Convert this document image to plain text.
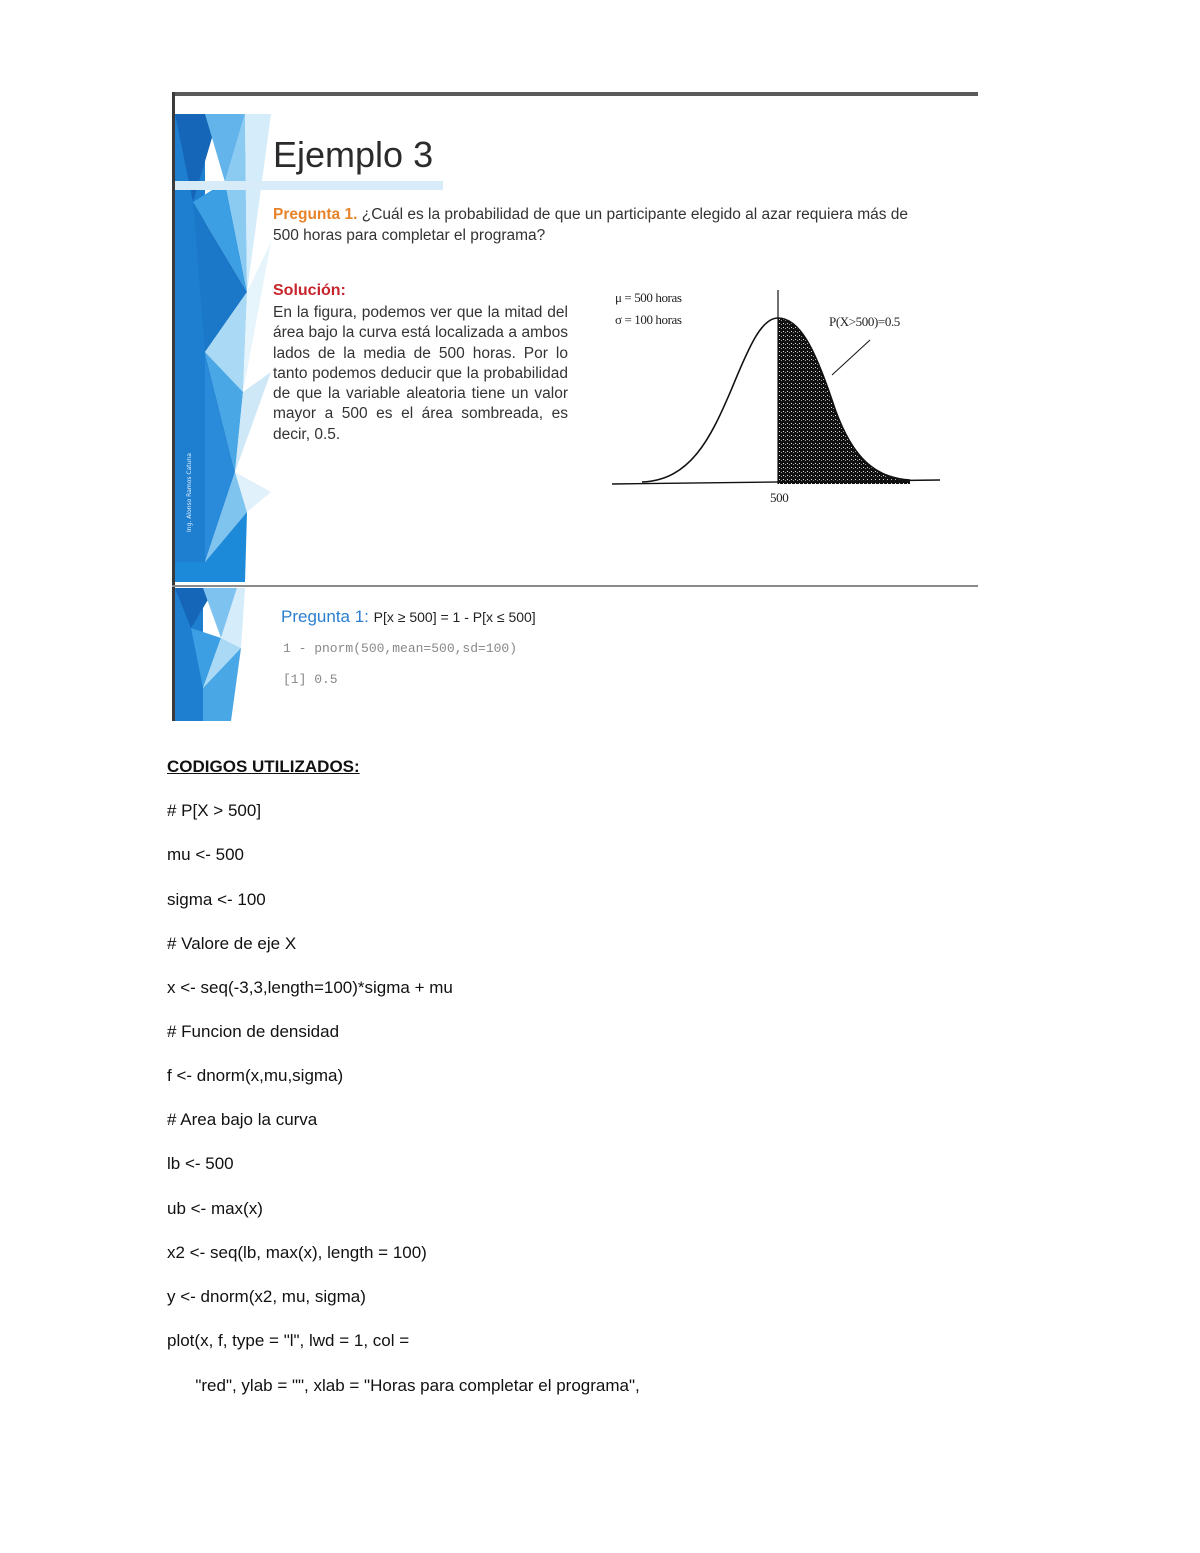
Ing. Alonso Ramos Catuna
Ejemplo 3
Pregunta 1. ¿Cuál es la probabilidad de que un participante elegido al azar requiera más de 500 horas para completar el programa?
Solución:
En la figura, podemos ver que la mitad del área bajo la curva está localizada a ambos lados de la media de 500 horas. Por lo tanto podemos deducir que la probabilidad de que la variable aleatoria tiene un valor mayor a 500 es el área sombreada, es decir, 0.5.
μ = 500 horas
σ = 100 horas	P(X>500)=0.5
500
Pregunta 1: P[x ≥ 500] = 1 - P[x ≤ 500]
1 - pnorm(500,mean=500,sd=100)
[1] 0.5
CODIGOS UTILIZADOS:
# P[X > 500]
mu <- 500
sigma <- 100
# Valore de eje X
x <- seq(-3,3,length=100)*sigma + mu
# Funcion de densidad
f <- dnorm(x,mu,sigma)
# Area bajo la curva
lb <- 500
ub <- max(x)
x2 <- seq(lb, max(x), length = 100)
y <- dnorm(x2, mu, sigma)
plot(x, f, type = "l", lwd = 1, col =
"red", ylab = "", xlab = "Horas para completar el programa",
